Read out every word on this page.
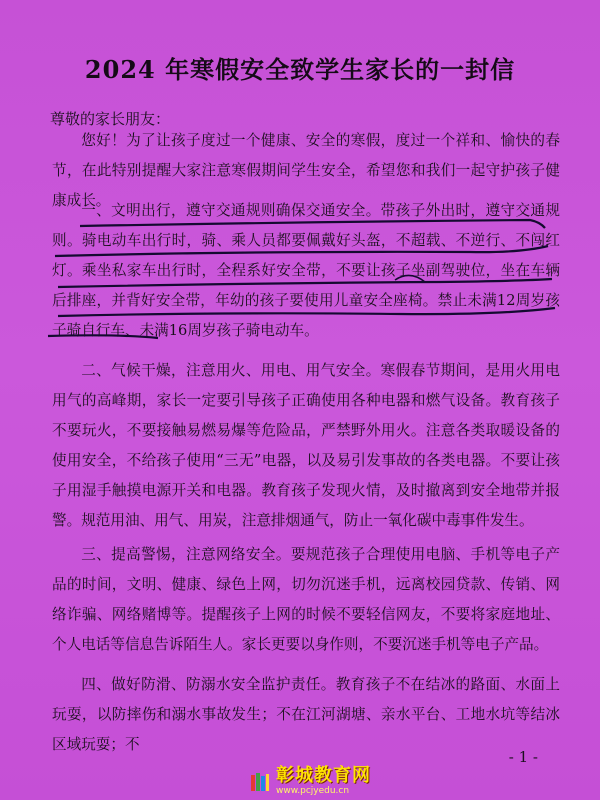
2024 年寒假安全致学生家长的一封信
尊敬的家长朋友：
您好！为了让孩子度过一个健康、安全的寒假，度过一个祥和、愉快的春节，在此特别提醒大家注意寒假期间学生安全，希望您和我们一起守护孩子健康成长。
一、文明出行，遵守交通规则确保交通安全。带孩子外出时，遵守交通规则。骑电动车出行时，骑、乘人员都要佩戴好头盔，不超载、不逆行、不闯红灯。乘坐私家车出行时，全程系好安全带，不要让孩子坐副驾驶位，坐在车辆后排座，并背好安全带，年幼的孩子要使用儿童安全座椅。禁止未满12周岁孩子骑自行车、未满16周岁孩子骑电动车。
二、气候干燥，注意用火、用电、用气安全。寒假春节期间，是用火用电用气的高峰期，家长一定要引导孩子正确使用各种电器和燃气设备。教育孩子不要玩火，不要接触易燃易爆等危险品，严禁野外用火。注意各类取暖设备的使用安全，不给孩子使用“三无”电器，以及易引发事故的各类电器。不要让孩子用湿手触摸电源开关和电器。教育孩子发现火情，及时撤离到安全地带并报警。规范用油、用气、用炭，注意排烟通气，防止一氧化碳中毒事件发生。
三、提高警惕，注意网络安全。要规范孩子合理使用电脑、手机等电子产品的时间，文明、健康、绿色上网，切勿沉迷手机，远离校园贷款、传销、网络诈骗、网络赌博等。提醒孩子上网的时候不要轻信网友，不要将家庭地址、个人电话等信息告诉陌生人。家长更要以身作则，不要沉迷手机等电子产品。
四、做好防滑、防溺水安全监护责任。教育孩子不在结冰的路面、水面上玩耍，以防摔伤和溺水事故发生；不在江河湖塘、亲水平台、工地水坑等结冰区域玩耍；不
- 1 -
彰城教育网
www.pcjyedu.cn
